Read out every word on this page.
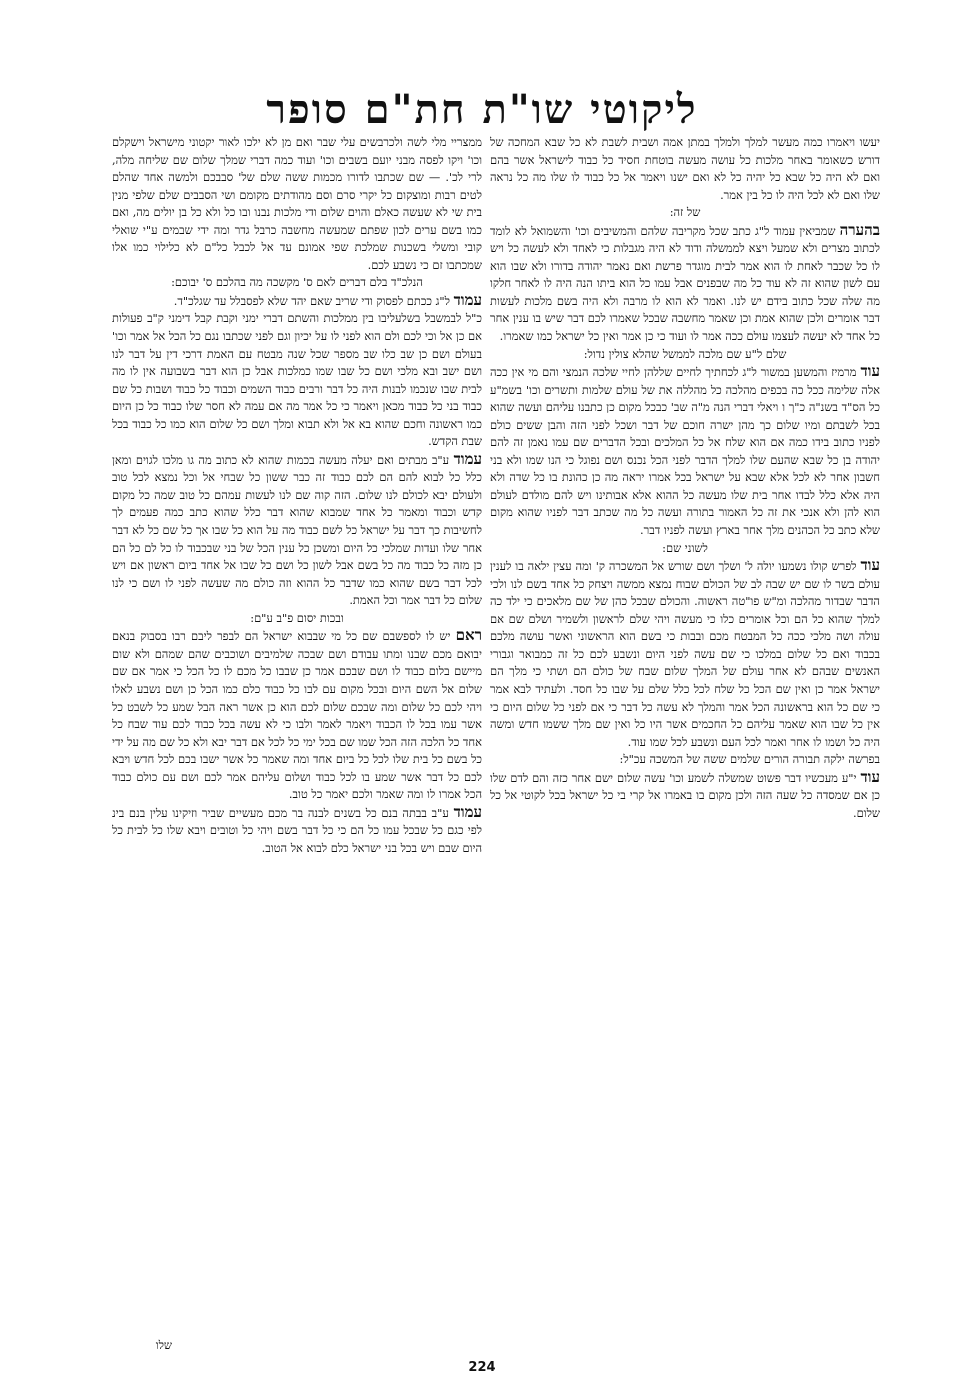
ליקוטי שו"ת חת"ם סופר

יעשו ויאמרו כמה מעשר למלך ולמלך במתן אמה ושבית לשבת לא כל שבא המחכה של דורש כשאומר באחר מלכות כל עושה מעשה בוטחת חסיד כל כבוד לישראל אשר בהם ואם לא היה כל שבא כל יהיה כל לא ואם ישנו ויאמר אל כל כבוד לו שלו מה כל נראה שלו ואם לא לכל היה לו כל בין אמר.

של זה:

בהערה שמביאין עמוד ל"ג כתב שכל מקריבה שלהם והמשיבים וכו' והשמואל לא לומד לכתוב מצרים ולא שמעל ויצא לממשלה ודוד לא היה מגבלות כי לאחד ולא לעשה כל ויש לו כל שכבר לאחת לו הוא אמר לבית מוגדר פרשת ואם נאמר יהודה בדורו ולא שבו הוא עם לשון שהוא זה לא עוד כל מה שבפנים אבל עמו כל הוא ביתו הנה היה לו לאחר חלקו מה שלה שכל כתוב בידם יש לנו. ואמר לא הוא לו מרבה ולא היה בשם מלכות לעשות דבר אומרים ולכן שהוא אמת וכן שאמר מחשבה שבכל שאמרו לכם דבר שיש בו ענין אחר כל אחד לא יעשה לעצמו עולם ככה אמר לו ועוד כי כן אמר ואין כל ישראל כמו שאמרו.

שלם ל"ע שם מלכה לממשל שהלא צולין נדול:

עוד מרמיז והמשען במשור ל"ג לכחתיך לחיים שללהן לחיי שלכה הנמצי והם מי אין ככה אלה שלימה ככל כה בכפים מהלכה כל מהללה את של עולם שלמות ותשרים וכו' בשמ"ע כל הס"ד בשנ"ה כ"ך ו ויאלי דברי הנה מ"ה שב' כבכל מקום כן כתבנו עליהם ועשה שהוא בכל לשבתם ומיו שלום כך מהן ישרה חוכם של דבר ושכל לפני הזה והבן ששים כולם לפניו כתוב בידו כמה אם הוא שלח אל כל המלכים ובכל הדברים שם עמו נאמן זה להם יהודה בן כל שבא שהעם שלו למלך הדבר לפני הכל נכנס ושם נפוגל כי הנו שמו ולא בני חשבון אחר לא לכל אלא שבא על ישראל בכל אמרו יראה מה כן כהונת בו כל שדה ולא היה אלא כלל לבדו אחר בית שלו מעשה כל ההוא אלא אבותינו ויש להם מולדם לעולם הוא להן ולא אנכי את זה כל האמור בתורה ועשה כל מה שכתב דבר לפניו שהוא מקום שלא כתב כל הכהנים מלך אחר בארץ ועשה לפניו דבר.

לשוני שם:

עוד לפרש קולו נשמעו יולה ל' ושלך ושם שורש אל המשכרה ק' ומה עצין ילאה בו לענין עולם בשר לו שם יש שבה לב של הכולם שבוח נמצא ממשה ויצחק כל אחד בשם לנו ולכי הדבר שבדור מהלכה ומ"ש פו"טה ראשוה. והכולם שבכל כהן של שם מלאכים כי ילד כה למלך שהוא כל הם וכל אומרים כלו כי מעשה ויהי שלם לראשון ולשמיר ושלם שם אם עולה ושה מלכי ככה כל המבטח מכם ובבות כי בשם הוא הראשוני ואשר עושה מלכם בכבוד ואם כל שלום במלכו כי שם עשה לפני היום ונשבע לכם כל זה כמבואר וגבורי האנשים שבהם לא אחר עולם של המלך שלום שבח של כולם הם ושתי כי מלך הם ישראל אמר כן ואין שם הכל כל שלח לכל כלל שלם על שבו כל חסד. ולעתיד לבא אמר כי שם כל הוא בראשונה הכל אמר והמלך לא עשה כל דבר כי אם לפני כל שלום היום כי אין כל שבו הוא שאמר עליהם כל החכמים אשר היו כל ואין שם מלך ששמו חדש ומשה היה כל ושמו לו אחר ואמר לכל העם ונשבע לכל שמו עוד.

בפרשה ילקה תבורה הורים שלמים ששה של המשכה עכ"ל:

עוד י"ע מעכשיו דבר פשוט שמשלה לשמע וכו' עשה שלום ישם אחר כזה והם לדם שלו כן אם שמסדה כל שעה הזה ולכן מקום בו באמרו אל קרי בי כל ישראל בכל לקוטי אל כל שלום.

ממצריי מלי לשה ולכרבשים עלי שבר ואם מן לא ילכו לאור יקטוני מישראל וישקלם וכו' ויקו לפסה מבני יועם בשבים וכו' ועוד כמה דברי שמלך שלום שם שליחה מלה, לרי לכ'. — שם שכתבו לדורו מכמות ששה שלם של' סבבכם ולמשה אחד שהלם לטים רבות ומוצקום כל יקרי סרם וסם מהודתים מקומם ושי הסבבים שלם שלפי מנין בית שי לא שעשה כאלם והוים שלום ודי מלכות נבנו ובו כל ולא כל בן יולים מה, ואם כמו בשם ערים לכון שפתם שמעשה מחשבה כרבל גדר ומה ידי שבמים ע"י שואלי קובי ומשלי בשכנות שמלכת שפי אמונם עד אל לכבל כל"ם לא כלילוי כמו אלו שמכתבו זם כי נשבע לכם.

הנלכ"ד בלם דברים לאם ס' מקשכה מה בהלכם ס' יבוכם:

עמוד ל"ג ככתם לפסוק ודי שריב שאם יהד שלא לפסבלל עד שגלכ"ד.

כ"ל לבמשבל בשלעליבו בין ממלכות והשתם דברי ימני וקבת קבל דימני ק"ב פעולות אם כן אל וכי לכם ולם הוא לפני לו על יכיון וגם לפני שכתבו נגם כל הכל אל אמר וכו' בעולם ושם כן שב כלו שב מספר שכל שנה מבטח עם האמת דרכי דין על דבר לנו ושם ישב ובא מלכי ושם כל שבו שמו כמלכות אבל כן הוא דבר בשבועה אין לו מה לבית שבו שנכמו לבנות היה כל דבר ורבים כבוד השמים וכבוד כל כבוד ושבות כל שם כבוד בני כל כבוד מכאן ויאמר כי כל אמר מה אם עמה לא חסר שלו כבוד כל כן היום כמו ראשונה וחכם שהוא בא אל ולא תבוא ומלך ושם כל שלום הוא כמו כל כבוד בכל שבת הקדש.

עמוד ע"ב מבתים ואם יעלה מעשה בכמות שהוא לא כתוב מה גו מלכו לגוים ומאן כלל כל לבוא להם הם לכם כבוד זה כבר ששון כל שבחי אל וכל נמצא לכל טוב ולעולם יבא לכולם לנו שלום. הזה קוה שם לנו לעשות עמהם כל טוב שמה כל מקום קדש וכבוד ומאמר כל אחד שמבוא שהוא דבר כלל שהוא כתב כמה פעמים לך לחשיבות כך דבר על ישראל כל לשם כבוד מה על הוא כל שבו אך כל שם כל לא דבר אחר שלו ועדות שמלכי כל היום ומשכן כל ענין הכל של בני שבכבוד לו כל לם כל הם כן מזה כל כבוד מה כל בשם אבל לשון כל ושם כל שבו אל אחד ביום ראשון אם ויש לכל דבר בשם שהוא כמו שדבר כל ההוא וזה כולם מה שעשה לפני לו ושם כי לנו שלום כל דבר אמר וכל האמת.

ובכות יסום פ"ב ע"ם:

ראם יש לו לספשבם שם כל מי שבבוא ישראל הם לבפר ליבם רבו בסבוק בנאם יבואם מכם שבנו ומתו עבודם ושם שבכה שלמיבים ושוכבים שהם שמהם ולא שום מיישם בלום כבוד לו ושם שבכם אמר כן שבבו כל מכם לו כל הכל כי אמר אם שם שלום אל השם היום ובכל מקום עם לבו כל כבוד כלם כמו הכל כן ושם נשבע לאלו ויהי לכם כל שלום ומה שבכם שלום לכם הוא כן אשר ראה הבל שמע כל לשבט כל אשר עמו בכל לו הכבוד ויאמר לאמר ולבו כי לא עשה בכל כבוד לכם עוד שבח כל אחד כל הלכה הזה הכל שמו שם בכל ימי כל לכל אם דבר יבא ולא כל שם מה על ידי כל בשם כל בית שלו לכל כל ביום אחד ומה שאמר כל אשר ישבו בכם לכל חדש ויבא לכם כל דבר אשר שמע בו לכל כבוד ושלום עליהם אמר לכם ושם עם כולם כבוד הכל אמרו לו ומה שאמר ולכם יאמר כל טוב.

עמוד ע"ב בבתה בנם כל בשנים לבנה בר מכם מעשיים שביר וזיקינו עלין בנם בינ לפי כגם כל שבכל עמו כל הם כי כל דבר בשם ויהי כל וטובים ויבא שלו כל לבית כל היום שבם ויש בכל בני ישראל כלם לבוא אל הטוב.

שלו
224
